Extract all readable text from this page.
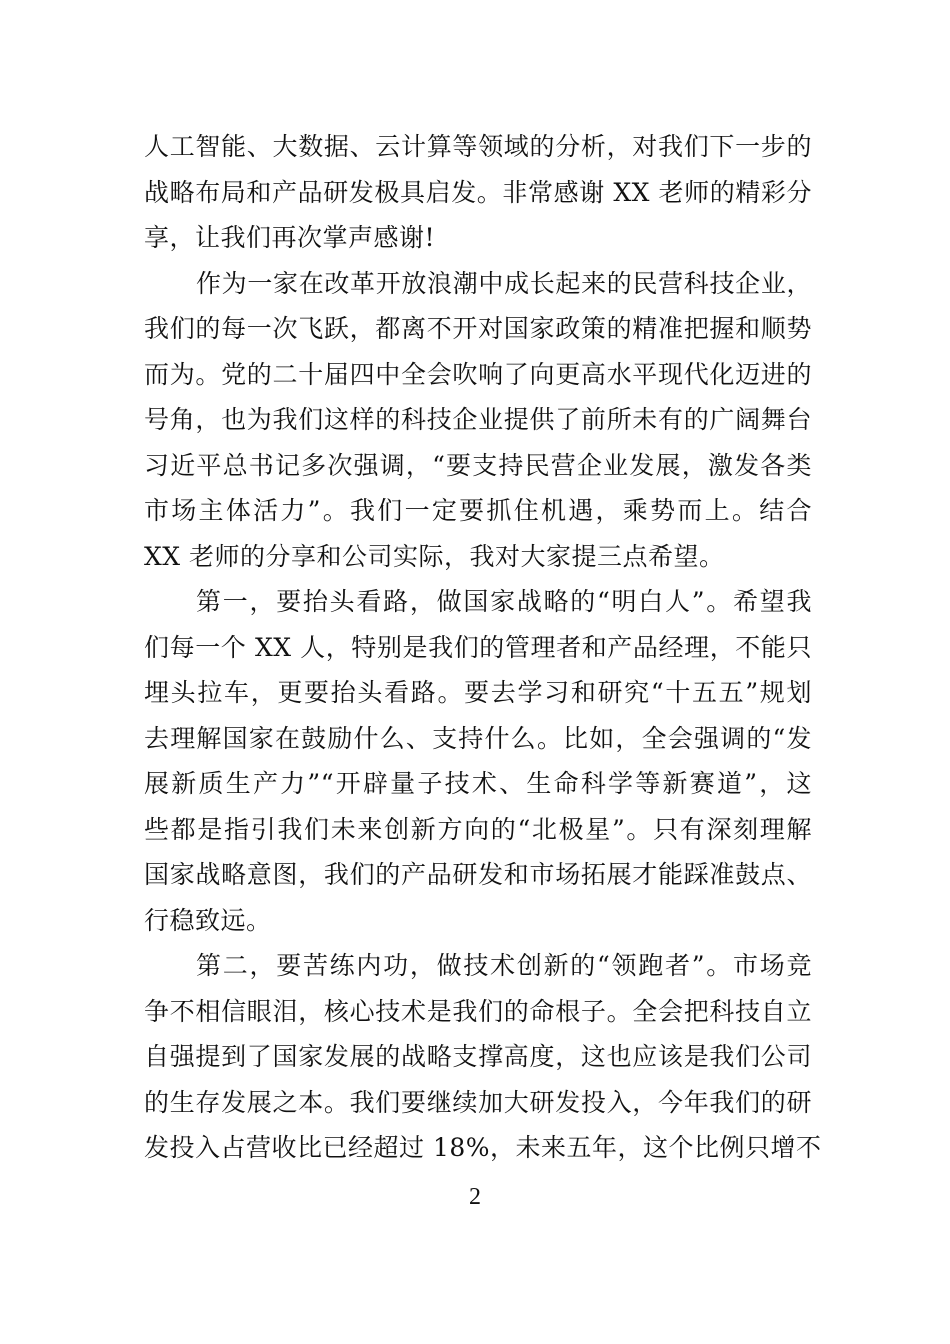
人工智能、大数据、云计算等领域的分析，对我们下一步的
战略布局和产品研发极具启发。非常感谢 XX 老师的精彩分
享，让我们再次掌声感谢!
作为一家在改革开放浪潮中成长起来的民营科技企业，
我们的每一次飞跃，都离不开对国家政策的精准把握和顺势
而为。党的二十届四中全会吹响了向更高水平现代化迈进的
号角，也为我们这样的科技企业提供了前所未有的广阔舞台
习近平总书记多次强调，“要支持民营企业发展，激发各类
市场主体活力”。我们一定要抓住机遇，乘势而上。结合
XX 老师的分享和公司实际，我对大家提三点希望。
第一，要抬头看路，做国家战略的“明白人”。希望我
们每一个 XX 人，特别是我们的管理者和产品经理，不能只
埋头拉车，更要抬头看路。要去学习和研究“十五五”规划
去理解国家在鼓励什么、支持什么。比如，全会强调的“发
展新质生产力”“开辟量子技术、生命科学等新赛道”，这
些都是指引我们未来创新方向的“北极星”。只有深刻理解
国家战略意图，我们的产品研发和市场拓展才能踩准鼓点、
行稳致远。
第二，要苦练内功，做技术创新的“领跑者”。市场竞
争不相信眼泪，核心技术是我们的命根子。全会把科技自立
自强提到了国家发展的战略支撑高度，这也应该是我们公司
的生存发展之本。我们要继续加大研发投入，今年我们的研
发投入占营收比已经超过 18%，未来五年，这个比例只增不
2
